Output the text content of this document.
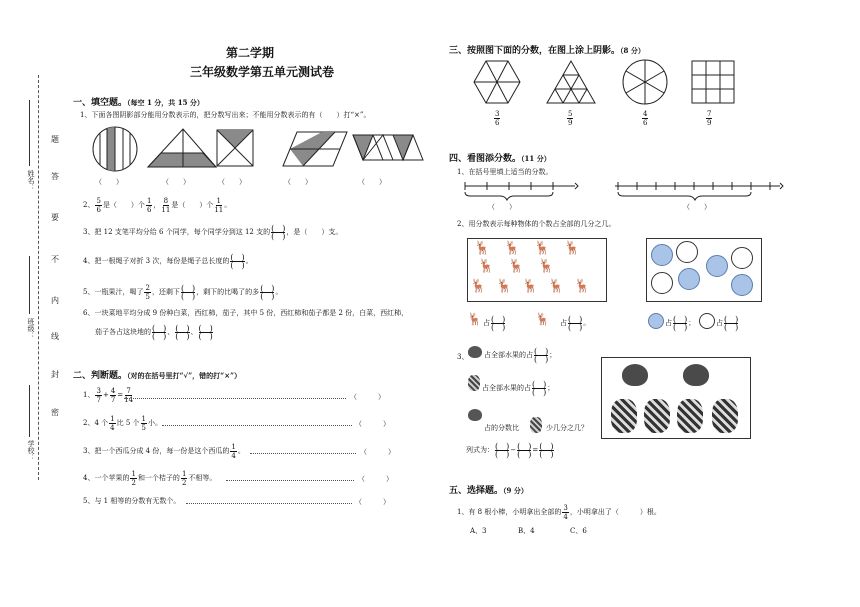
第二学期
三年级数学第五单元测试卷
姓名：
班级：
学校：
题
答
要
不
内
线
封
密
一、填空题。（每空 1 分，共 15 分）
1、下面各图阴影部分能用分数表示的，把分数写出来；不能用分数表示的有（　　）打“×”。
（　　）	（　　）	（　　）	（　　）	（　　）
2、 $\frac{5}{6}$ 是（　　）个 $\frac{1}{6}$ ， $\frac{8}{11}$ 是（　　）个 $\frac{1}{11}$ 。
3、把 12 支笔平均分给 6 个同学，每个同学分到这 12 支的 ( )
( ) ，是（　　）支。
4、把一根绳子对折 3 次，每份是绳子总长度的 ( )
( ) 。
5、一瓶果汁，喝了 $\frac{2}{5}$ ，还剩下 ( )
( ) ，剩下的比喝了的多 ( )
( ) 。
6、一块菜地平均分成 9 份种白菜，西红柿，茄子，其中 5 份，西红柿和茄子都是 2 份，白菜，西红柿，
茄子各占这块地的 ( )
( ) 、 ( )
( ) 、 ( )
( )
二、判断题。（对的在括号里打“√”，错的打“×”）
1、 $\frac{3}{7} + \frac{4}{7} = \frac{7}{14}$	（　　　）
2、4 个 $\frac{1}{4}$ 比 5 个 $\frac{1}{5}$ 小。	（　　　）
3、把一个西瓜分成 4 份，每一份是这个西瓜的 $\frac{1}{4}$ 。	（　　　）
4、一个苹果的 $\frac{1}{2}$ 和一个桔子的 $\frac{1}{2}$ 不相等。	（　　　）
5、与 1 相等的分数有无数个。	（　　　）
三、按照图下面的分数，在图上涂上阴影。（8 分）
$\frac{3}{6}$	$\frac{5}{9}$	$\frac{4}{6}$	$\frac{7}{9}$
四、看图添分数。（11 分）
1、在括号里填上适当的分数。
（　　）	（　　）
2、用分数表示每种物体的个数占全部的几分之几。
🦌 🦌 🦌 🦌
🦌 🦌 🦌
🦌 🦌 🦌 🦌 🦌
🦌 占 ( )
( )
🦌 占 ( )
( ) 。	占 ( )
( ) ；	占 ( )
( )
3、 占全部水果的占 ( )
( ) ；
占全部水果的占 ( )
( ) ；
占的分数比	少几分之几？
列式为： ( )
( ) − ( )
( ) = ( )
( )
五、选择题。（9 分）
1、有 8 根小棒，小明拿出全部的 $\frac{3}{4}$ ，小明拿出了（　　　）根。
A、3	B、4	C、6
